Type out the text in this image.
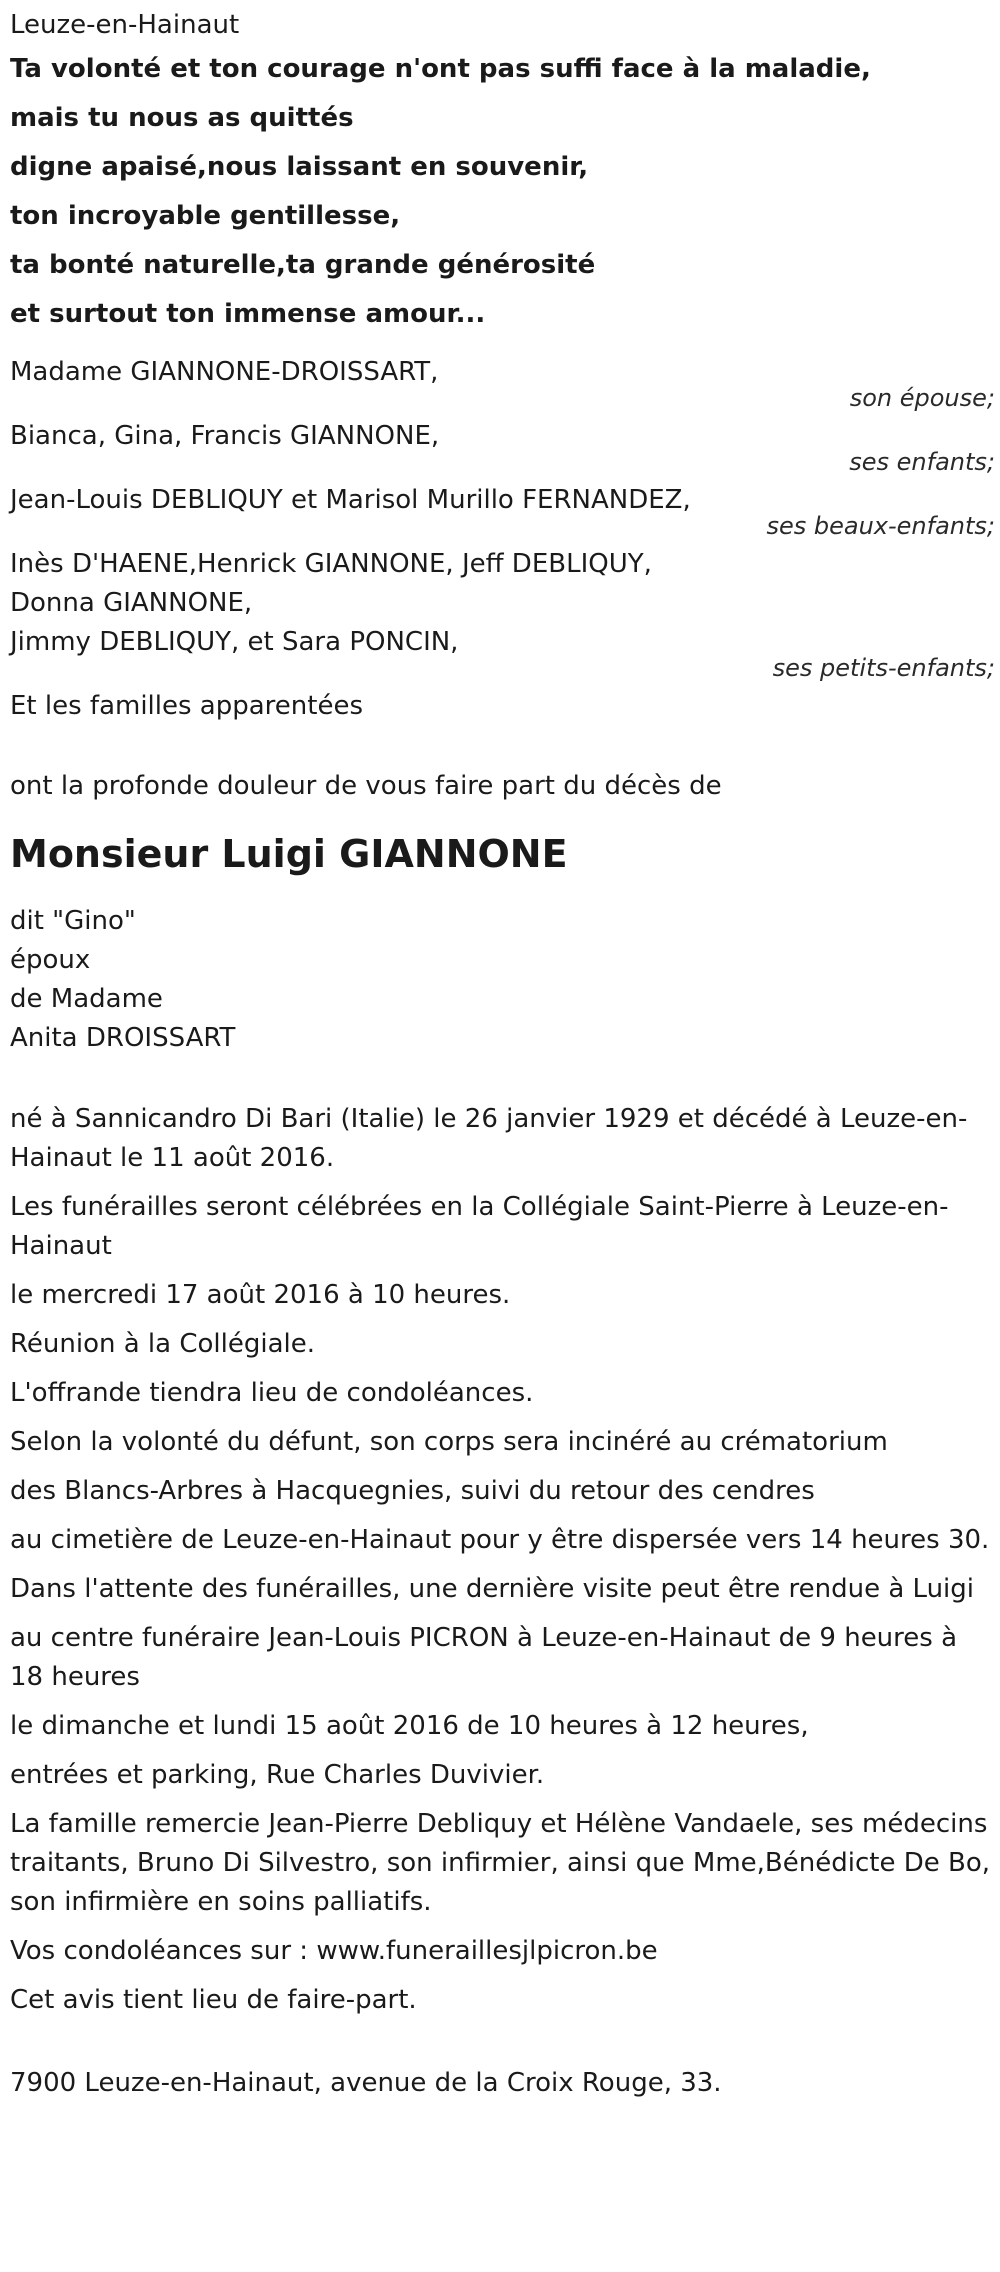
Leuze-en-Hainaut
Ta volonté et ton courage n'ont pas suffi face à la maladie,
mais tu nous as quittés
digne apaisé,nous laissant en souvenir,
ton incroyable gentillesse,
ta bonté naturelle,ta grande générosité
et surtout ton immense amour...
Madame GIANNONE-DROISSART,
son épouse;
Bianca, Gina, Francis GIANNONE,
ses enfants;
Jean-Louis DEBLIQUY et Marisol Murillo FERNANDEZ,
ses beaux-enfants;
Inès D'HAENE,Henrick GIANNONE, Jeff DEBLIQUY,
Donna GIANNONE,
Jimmy DEBLIQUY, et Sara PONCIN,
ses petits-enfants;
Et les familles apparentées
ont la profonde douleur de vous faire part du décès de
Monsieur Luigi GIANNONE
dit "Gino"
époux
de Madame
Anita DROISSART
né à Sannicandro Di Bari (Italie) le 26 janvier 1929 et décédé à Leuze-en-Hainaut le 11 août 2016.
Les funérailles seront célébrées en la Collégiale Saint-Pierre à Leuze-en-Hainaut
le mercredi 17 août 2016 à 10 heures.
Réunion à la Collégiale.
L'offrande tiendra lieu de condoléances.
Selon la volonté du défunt, son corps sera incinéré au crématorium
des Blancs-Arbres à Hacquegnies, suivi du retour des cendres
au cimetière de Leuze-en-Hainaut pour y être dispersée vers 14 heures 30.
Dans l'attente des funérailles, une dernière visite peut être rendue à Luigi
au centre funéraire Jean-Louis PICRON à Leuze-en-Hainaut de 9 heures à 18 heures
le dimanche et lundi 15 août 2016 de 10 heures à 12 heures,
entrées et parking, Rue Charles Duvivier.
La famille remercie Jean-Pierre Debliquy et Hélène Vandaele, ses médecins traitants, Bruno Di Silvestro, son infirmier, ainsi que Mme,Bénédicte De Bo, son infirmière en soins palliatifs.
Vos condoléances sur : www.funeraillesjlpicron.be
Cet avis tient lieu de faire-part.
7900 Leuze-en-Hainaut, avenue de la Croix Rouge, 33.
